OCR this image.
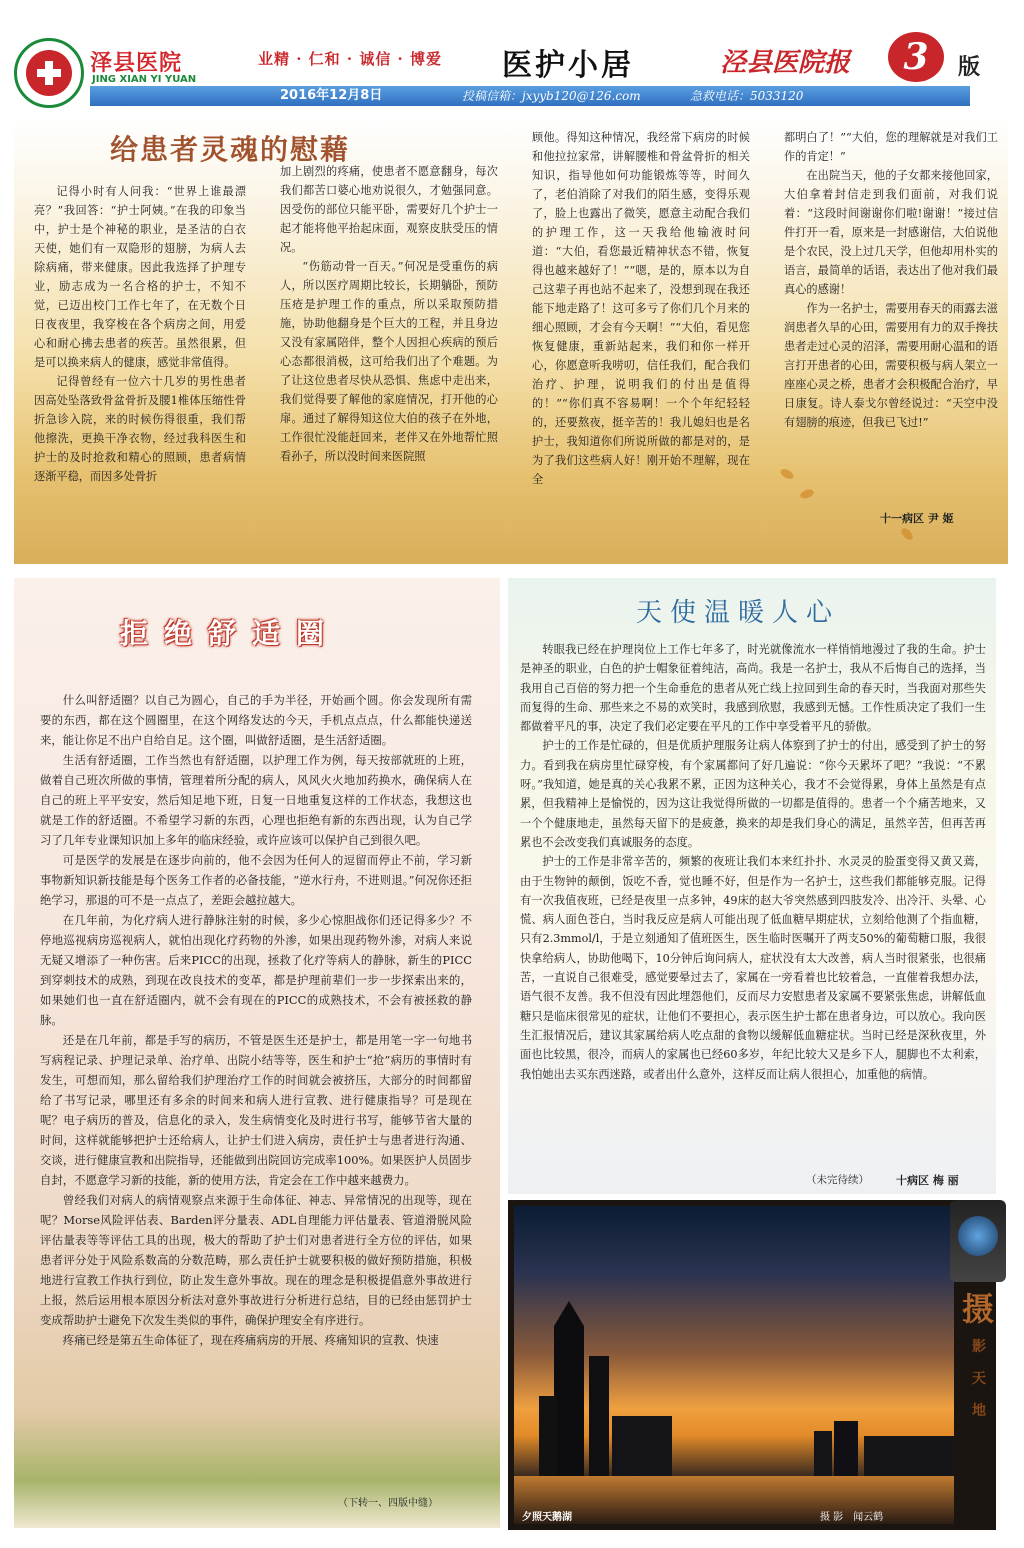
泽县医院
JING XIAN YI YUAN
业精 · 仁和 · 诚信 · 博爱 医护小居	泾县医院报	3	版
2016年12月8日	投稿信箱：jxyyb120@126.com	急救电话：5033120
给患者灵魂的慰藉

记得小时有人问我：“世界上谁最漂亮？”我回答：“护士阿姨。”在我的印象当中，护士是个神秘的职业，是圣洁的白衣天使，她们有一双隐形的翅膀，为病人去除病痛，带来健康。因此我选择了护理专业，励志成为一名合格的护士，不知不觉，已迈出校门工作七年了，在无数个日日夜夜里，我穿梭在各个病房之间，用爱心和耐心拂去患者的疾苦。虽然很累，但是可以换来病人的健康，感觉非常值得。

记得曾经有一位六十几岁的男性患者因高处坠落致骨盆骨折及腰1椎体压缩性骨折急诊入院，来的时候伤得很重，我们帮他擦洗，更换干净衣物，经过我科医生和护士的及时抢救和精心的照顾，患者病情逐渐平稳，而因多处骨折

加上剧烈的疼痛，使患者不愿意翻身，每次我们都苦口婆心地劝说很久，才勉强同意。因受伤的部位只能平卧，需要好几个护士一起才能将他平抬起床面，观察皮肤受压的情况。

“伤筋动骨一百天。”何况是受重伤的病人，所以医疗周期比较长，长期躺卧，预防压疮是护理工作的重点，所以采取预防措施，协助他翻身是个巨大的工程，并且身边又没有家属陪伴，整个人因担心疾病的预后心态都很消极，这可给我们出了个难题。为了让这位患者尽快从恐惧、焦虑中走出来，我们觉得要了解他的家庭情况，打开他的心扉。通过了解得知这位大伯的孩子在外地，工作很忙没能赶回来，老伴又在外地帮忙照看孙子，所以没时间来医院照

顾他。得知这种情况，我经常下病房的时候和他拉拉家常，讲解腰椎和骨盆骨折的相关知识，指导他如何功能锻炼等等，时间久了，老伯消除了对我们的陌生感，变得乐观了，脸上也露出了微笑，愿意主动配合我们的护理工作，这一天我给他输液时问道：“大伯，看您最近精神状态不错，恢复得也越来越好了！”“嗯，是的，原本以为自己这辈子再也站不起来了，没想到现在我还能下地走路了！这可多亏了你们几个月来的细心照顾，才会有今天啊！”“大伯，看见您恢复健康，重新站起来，我们和你一样开心，你愿意听我唠叨，信任我们，配合我们治疗、护理，说明我们的付出是值得的！”“你们真不容易啊！一个个年纪轻轻的，还要熬夜，挺辛苦的！我儿媳妇也是名护士，我知道你们所说所做的都是对的，是为了我们这些病人好！刚开始不理解，现在全

都明白了！”“大伯，您的理解就是对我们工作的肯定！”

在出院当天，他的子女都来接他回家，大伯拿着封信走到我们面前，对我们说着：“这段时间谢谢你们啦!谢谢！”接过信件打开一看，原来是一封感谢信，大伯说他是个农民，没上过几天学，但他却用朴实的语言，最简单的话语，表达出了他对我们最真心的感谢！

作为一名护士，需要用春天的雨露去滋润患者久旱的心田，需要用有力的双手搀扶患者走过心灵的沼泽，需要用耐心温和的语言打开患者的心田，需要积极与病人架立一座座心灵之桥，患者才会积极配合治疗，早日康复。诗人泰戈尔曾经说过：“天空中没有翅膀的痕迹，但我已飞过!”

十一病区 尹 姬
拒绝舒适圈

什么叫舒适圈？以自己为圆心，自己的手为半径，开始画个圆。你会发现所有需要的东西，都在这个圆圈里，在这个网络发达的今天，手机点点点，什么都能快递送来，能让你足不出户自给自足。这个圈，叫做舒适圈，是生活舒适圈。

生活有舒适圈，工作当然也有舒适圈，以护理工作为例，每天按部就班的上班，做着自己班次所做的事情，管理着所分配的病人，风风火火地加药换水，确保病人在自己的班上平平安安，然后知足地下班，日复一日地重复这样的工作状态，我想这也就是工作的舒适圈。不希望学习新的东西，心理也拒绝有新的东西出现，认为自己学习了几年专业课知识加上多年的临床经验，或许应该可以保护自己到很久吧。

可是医学的发展是在逐步向前的，他不会因为任何人的逗留而停止不前，学习新事物新知识新技能是每个医务工作者的必备技能，“逆水行舟，不进则退。”何况你还拒绝学习，那退的可不是一点点了，差距会越拉越大。

在几年前，为化疗病人进行静脉注射的时候，多少心惊胆战你们还记得多少？不停地巡视病房巡视病人，就怕出现化疗药物的外渗，如果出现药物外渗，对病人来说无疑又增添了一种伤害。后来PICC的出现，拯救了化疗等病人的静脉，新生的PICC到穿刺技术的成熟，到现在改良技术的变革，都是护理前辈们一步一步探索出来的，如果她们也一直在舒适圈内，就不会有现在的PICC的成熟技术，不会有被拯救的静脉。

还是在几年前，都是手写的病历，不管是医生还是护士，都是用笔一字一句地书写病程记录、护理记录单、治疗单、出院小结等等，医生和护士“抢”病历的事情时有发生，可想而知，那么留给我们护理治疗工作的时间就会被挤压，大部分的时间都留给了书写记录，哪里还有多余的时间来和病人进行宣教、进行健康指导？可是现在呢？电子病历的普及，信息化的录入，发生病情变化及时进行书写，能够节省大量的时间，这样就能够把护士还给病人，让护士们进入病房，责任护士与患者进行沟通、交谈，进行健康宣教和出院指导，还能做到出院回访完成率100%。如果医护人员固步自封，不愿意学习新的技能，新的使用方法，肯定会在工作中越来越费力。

曾经我们对病人的病情观察点来源于生命体征、神志、异常情况的出现等，现在呢？Morse风险评估表、Barden评分量表、ADL自理能力评估量表、管道滑脱风险评估量表等等评估工具的出现，极大的帮助了护士们对患者进行全方位的评估，如果患者评分处于风险系数高的分数范畴，那么责任护士就要积极的做好预防措施，积极地进行宣教工作执行到位，防止发生意外事故。现在的理念是积极提倡意外事故进行上报，然后运用根本原因分析法对意外事故进行分析进行总结，目的已经由惩罚护士变成帮助护士避免下次发生类似的事件，确保护理安全有序进行。

疼痛已经是第五生命体征了，现在疼痛病房的开展、疼痛知识的宣教、快速

（下转一、四版中缝）
天使温暖人心

转眼我已经在护理岗位上工作七年多了，时光就像流水一样悄悄地漫过了我的生命。护士是神圣的职业，白色的护士帽象征着纯洁，高尚。我是一名护士，我从不后悔自己的选择，当我用自己百倍的努力把一个生命垂危的患者从死亡线上拉回到生命的春天时，当我面对那些失而复得的生命、那些来之不易的欢笑时，我感到欣慰，我感到无憾。工作性质决定了我们一生都做着平凡的事，决定了我们必定要在平凡的工作中享受着平凡的骄傲。

护士的工作是忙碌的，但是优质护理服务让病人体察到了护士的付出，感受到了护士的努力。看到我在病房里忙碌穿梭，有个家属都问了好几遍说：“你今天累坏了吧？”我说：“不累呀。”我知道，她是真的关心我累不累，正因为这种关心，我才不会觉得累，身体上虽然是有点累，但我精神上是愉悦的，因为这让我觉得所做的一切都是值得的。患者一个个痛苦地来，又一个个健康地走，虽然每天留下的是疲惫，换来的却是我们身心的满足，虽然辛苦，但再苦再累也不会改变我们真诚服务的态度。

护士的工作是非常辛苦的，频繁的夜班让我们本来红扑扑、水灵灵的脸蛋变得又黄又蔫，由于生物钟的颠倒，饭吃不香，觉也睡不好，但是作为一名护士，这些我们都能够克服。记得有一次我值夜班，已经是夜里一点多钟，49床的赵大爷突然感到四肢发冷、出冷汗、头晕、心慌、病人面色苍白，当时我反应是病人可能出现了低血糖早期症状，立刻给他测了个指血糖，只有2.3mmol/l，于是立刻通知了值班医生，医生临时医嘱开了两支50%的葡萄糖口服，我很快拿给病人，协助他喝下，10分钟后询问病人，症状没有太大改善，病人当时很紧张，也很痛苦，一直说自己很难受，感觉要晕过去了，家属在一旁看着也比较着急，一直催着我想办法，语气很不友善。我不但没有因此埋怨他们，反而尽力安慰患者及家属不要紧张焦虑，讲解低血糖只是临床很常见的症状，让他们不要担心，表示医生护士都在患者身边，可以放心。我向医生汇报情况后，建议其家属给病人吃点甜的食物以缓解低血糖症状。当时已经是深秋夜里，外面也比较黑，很冷，而病人的家属也已经60多岁，年纪比较大又是乡下人，腿脚也不太利索，我怕她出去买东西迷路，或者出什么意外，这样反而让病人很担心，加重他的病情。

（未完待续） 十病区 梅 丽
夕照天鹅湖	摄 影　闻云鹤
摄
影
天
地
